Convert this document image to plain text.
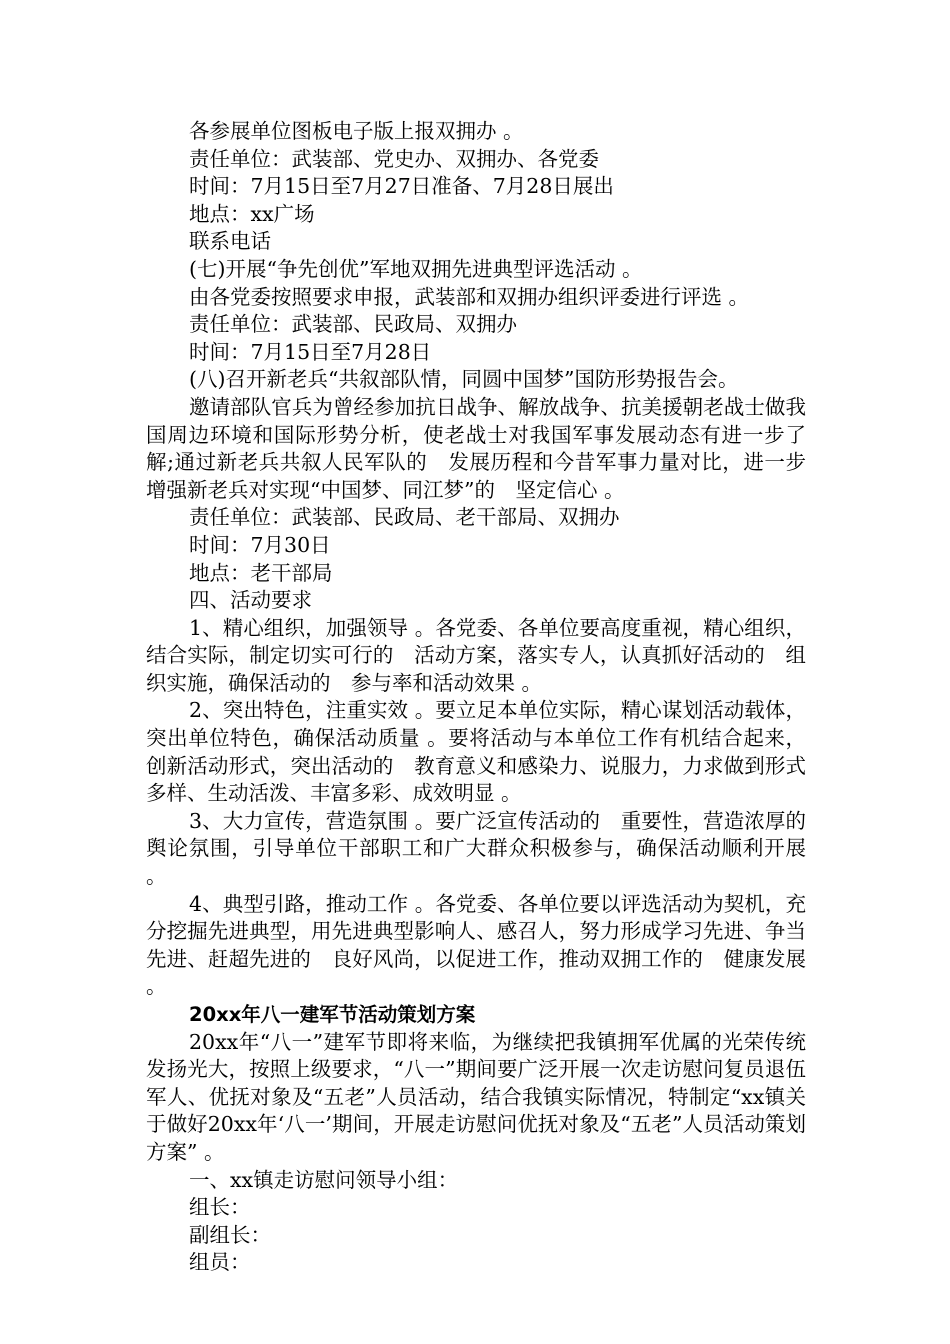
各参展单位图板电子版上报双拥办 。

责任单位：武装部、党史办、双拥办、各党委

时间：7月15日至7月27日准备、7月28日展出

地点：xx广场

联系电话

(七)开展“争先创优”军地双拥先进典型评选活动 。

由各党委按照要求申报，武装部和双拥办组织评委进行评选 。

责任单位：武装部、民政局、双拥办

时间：7月15日至7月28日

(八)召开新老兵“共叙部队情，同圆中国梦”国防形势报告会。

邀请部队官兵为曾经参加抗日战争、解放战争、抗美援朝老战士做我国周边环境和国际形势分析，使老战士对我国军事发展动态有进一步了解;通过新老兵共叙人民军队的　发展历程和今昔军事力量对比，进一步增强新老兵对实现“中国梦、同江梦”的　坚定信心 。

责任单位：武装部、民政局、老干部局、双拥办

时间：7月30日

地点：老干部局

四、活动要求

1、精心组织，加强领导 。各党委、各单位要高度重视，精心组织，结合实际，制定切实可行的　活动方案，落实专人，认真抓好活动的　组织实施，确保活动的　参与率和活动效果 。

2、突出特色，注重实效 。要立足本单位实际，精心谋划活动载体，突出单位特色，确保活动质量 。要将活动与本单位工作有机结合起来，创新活动形式，突出活动的　教育意义和感染力、说服力，力求做到形式多样、生动活泼、丰富多彩、成效明显 。

3、大力宣传，营造氛围 。要广泛宣传活动的　重要性，营造浓厚的　舆论氛围，引导单位干部职工和广大群众积极参与，确保活动顺利开展 。

4、典型引路，推动工作 。各党委、各单位要以评选活动为契机，充分挖掘先进典型，用先进典型影响人、感召人，努力形成学习先进、争当先进、赶超先进的　良好风尚，以促进工作，推动双拥工作的　健康发展 。

20xx年八一建军节活动策划方案

20xx年“八一”建军节即将来临，为继续把我镇拥军优属的光荣传统发扬光大，按照上级要求，“八一”期间要广泛开展一次走访慰问复员退伍军人、优抚对象及“五老”人员活动，结合我镇实际情况，特制定“xx镇关于做好20xx年‘八一’期间，开展走访慰问优抚对象及“五老”人员活动策划方案” 。

一、xx镇走访慰问领导小组：

组长：

副组长：

组员：
